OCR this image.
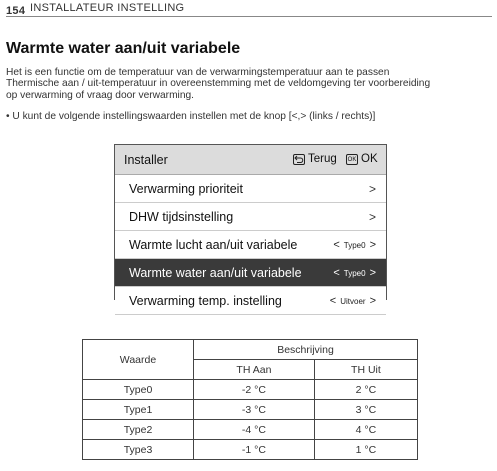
154 INSTALLATEUR INSTELLING
Warmte water aan/uit variabele
Het is een functie om de temperatuur van de verwarmingstemperatuur aan te passen
Thermische aan / uit-temperatuur in overeenstemming met de veldomgeving ter voorbereiding
op verwarming of vraag door verwarming.
• U kunt de volgende instellingswaarden instellen met de knop [<,> (links / rechts)]
Installer	Terug OK OK
Verwarming prioriteit	>
DHW tijdsinstelling	>
Warmte lucht aan/uit variabele	< Type0 >
Warmte water aan/uit variabele	< Type0 >
Verwarming temp. instelling	< Uitvoer >
Waarde	Beschrijving	
	TH Aan	TH Uit
Type0	-2 °C	2 °C
Type1	-3 °C	3 °C
Type2	-4 °C	4 °C
Type3	-1 °C	1 °C
